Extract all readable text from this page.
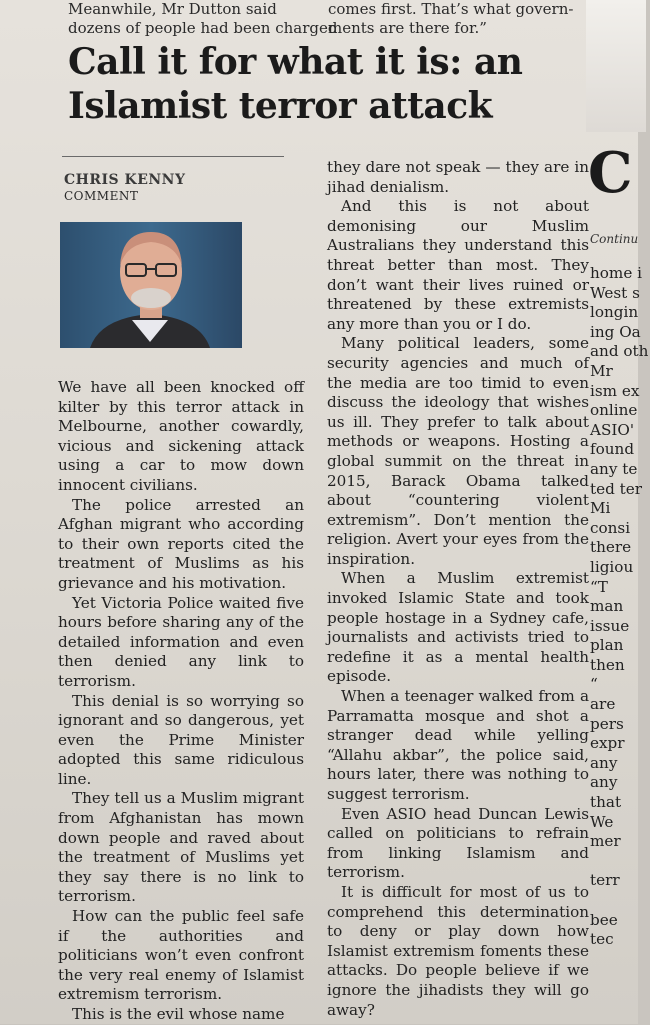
Meanwhile, Mr Dutton said
dozens of people had been charged
comes first. That’s what govern-
ments are there for.”
Call it for what it is: an
Islamist terror attack
CHRIS KENNY
COMMENT

We have all been knocked off kilter by this terror attack in Melbourne, another cowardly, vicious and sickening attack using a car to mow down innocent civilians.

The police arrested an Afghan migrant who according to their own reports cited the treatment of Muslims as his grievance and his motivation.

Yet Victoria Police waited five hours before sharing any of the detailed information and even then denied any link to terrorism.

This denial is so worrying so ignorant and so dangerous, yet even the Prime Minister adopted this same ridiculous line.

They tell us a Muslim migrant from Afghanistan has mown down people and raved about the treatment of Muslims yet they say there is no link to terrorism.

How can the public feel safe if the authorities and politicians won’t even confront the very real enemy of Islamist extremism terrorism.

This is the evil whose name

they dare not speak — they are in jihad denialism.

And this is not about demonising our Muslim Australians they understand this threat better than most. They don’t want their lives ruined or threatened by these extremists any more than you or I do.

Many political leaders, some security agencies and much of the media are too timid to even discuss the ideology that wishes us ill. They prefer to talk about methods or weapons. Hosting a global summit on the threat in 2015, Barack Obama talked about “countering violent extremism”. Don’t mention the religion. Avert your eyes from the inspiration.

When a Muslim extremist invoked Islamic State and took people hostage in a Sydney cafe, journalists and activists tried to redefine it as a mental health episode.

When a teenager walked from a Parramatta mosque and shot a stranger dead while yelling “Allahu akbar”, the police said, hours later, there was nothing to suggest terrorism.

Even ASIO head Duncan Lewis called on politicians to refrain from linking Islamism and terrorism.

It is difficult for most of us to comprehend this determination to deny or play down how Islamist extremism foments these attacks. Do people believe if we ignore the jihadists they will go away?

C
Continu
home i
West s
longin
ing Oa
and oth
Mr
ism ex
online
ASIO'
found
any te
ted ter
Mi
consi
there
ligiou
“T
man
issue
plan
then
“
are
pers
expr
any
any
that
We
mer
terr
bee
tec
